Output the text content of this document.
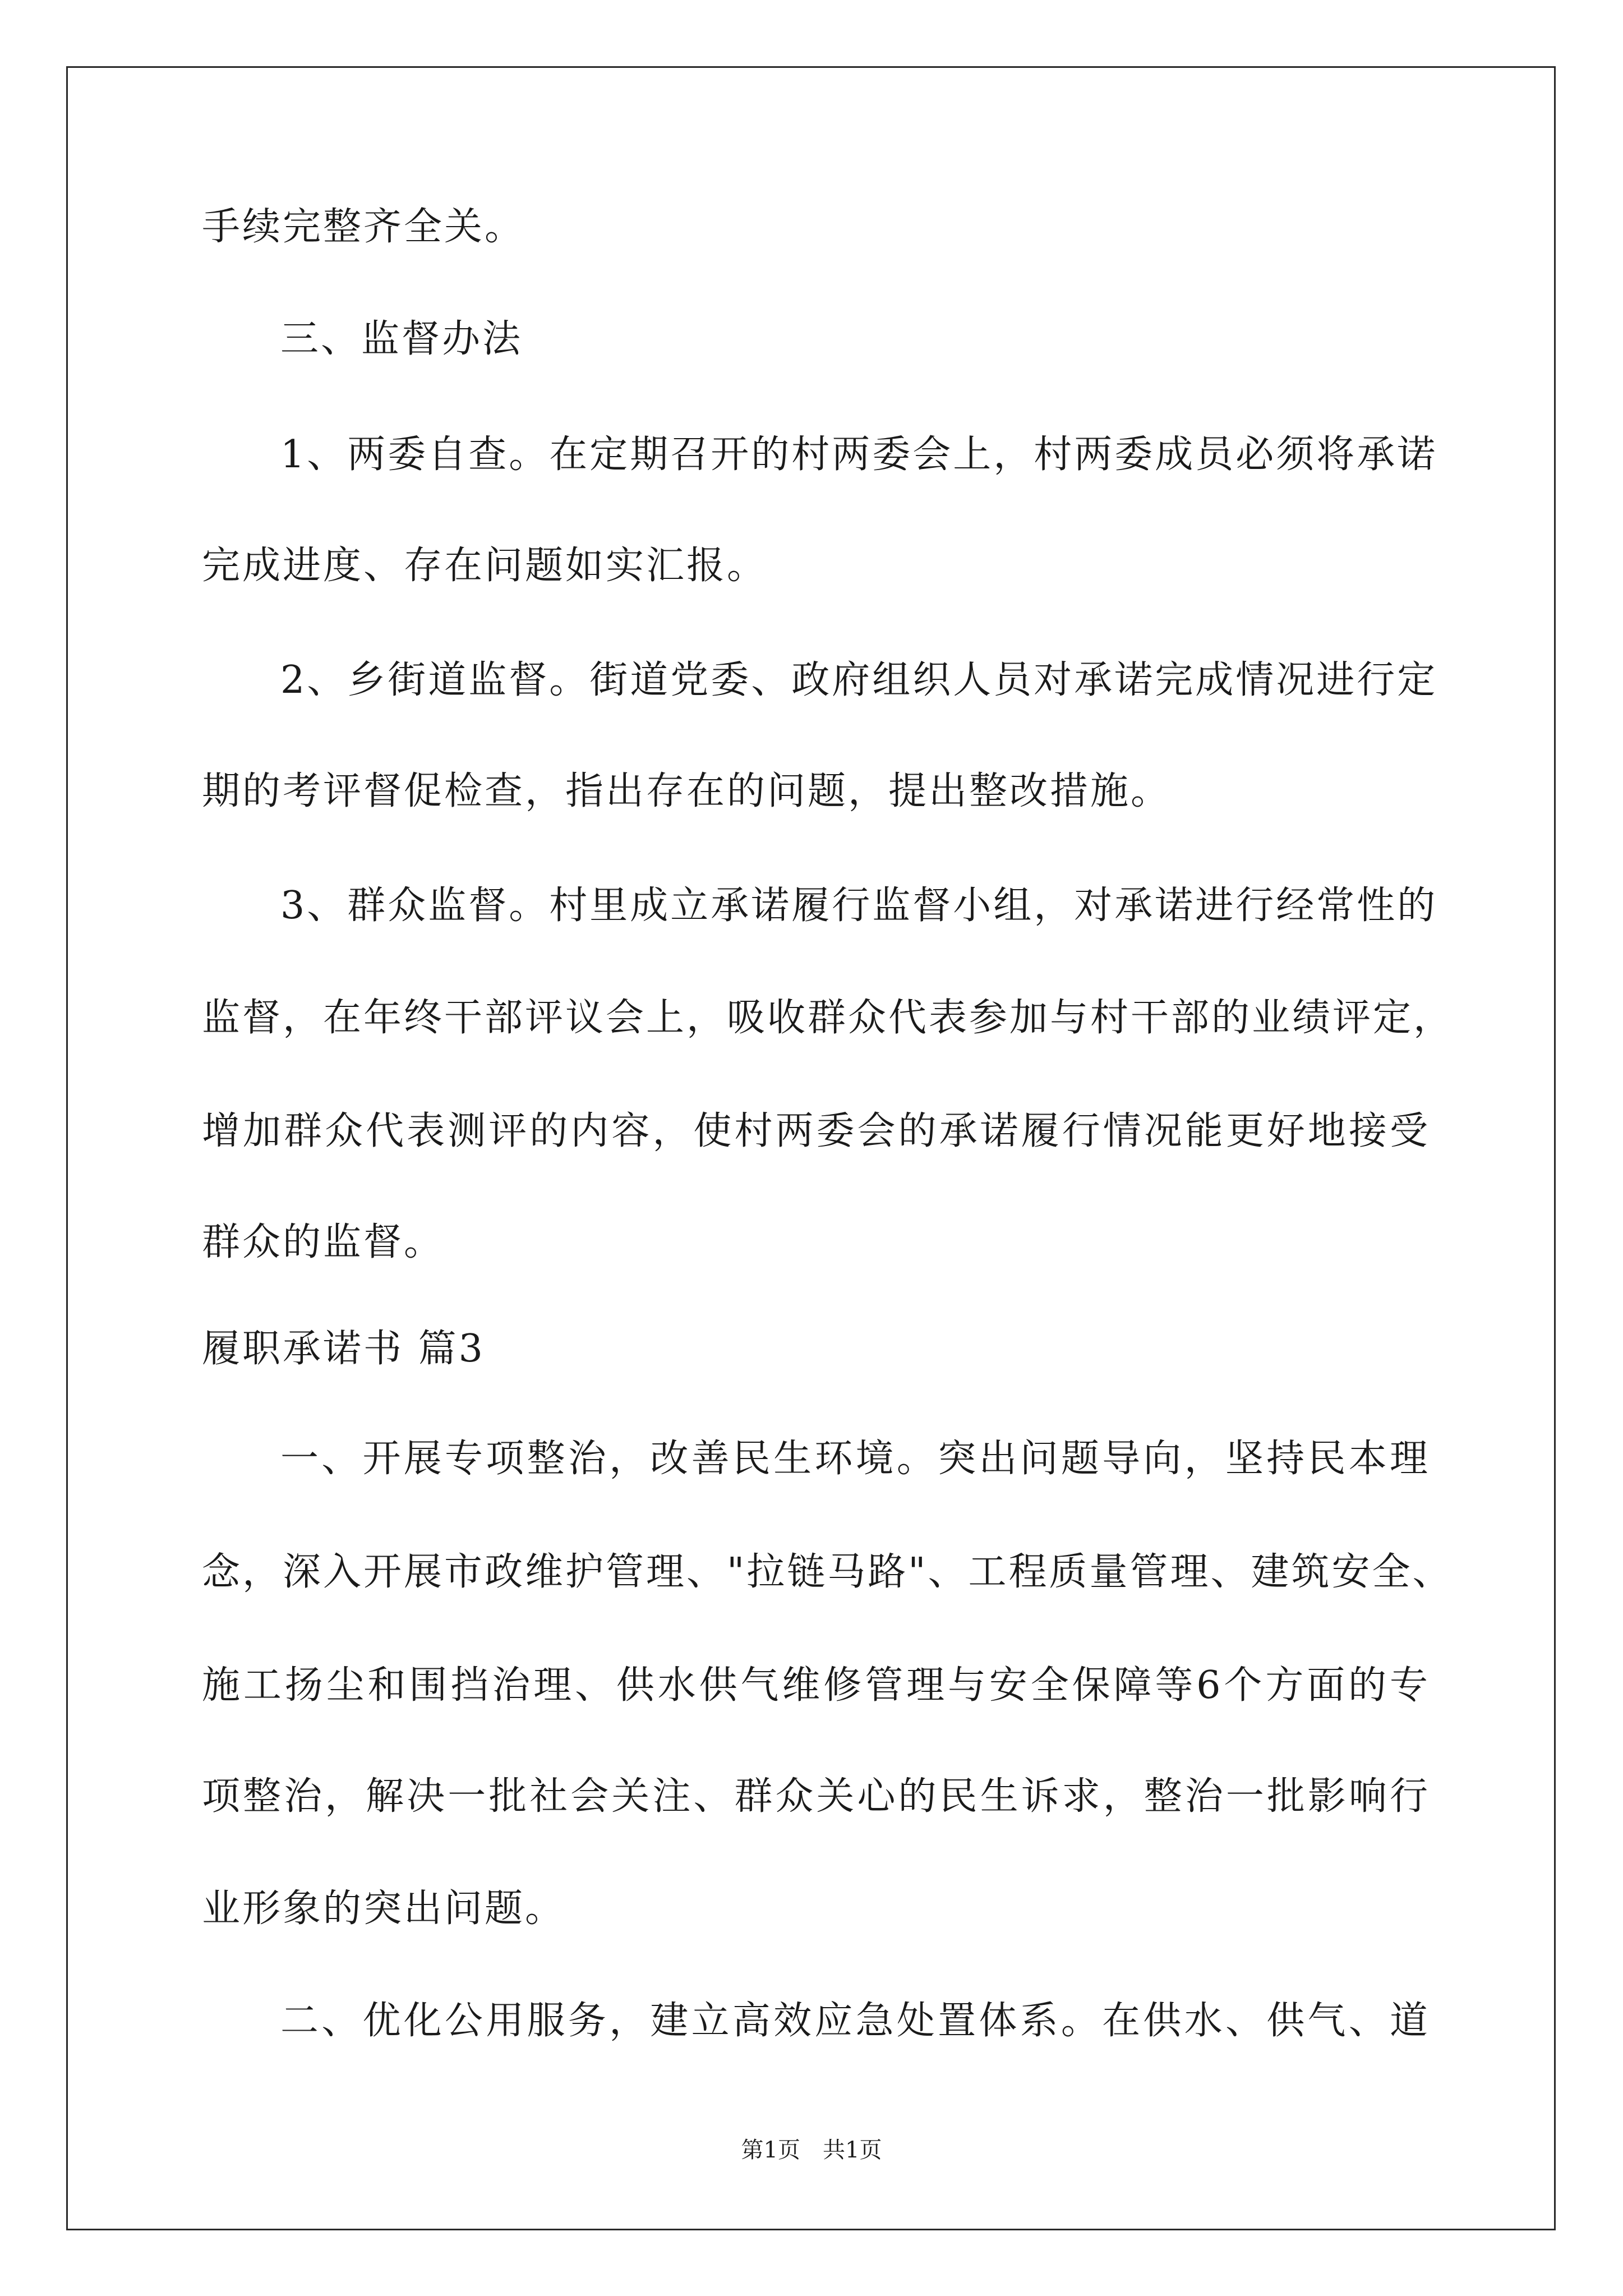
手续完整齐全关。
三、监督办法
1、两委自查。在定期召开的村两委会上，村两委成员必须将承诺
完成进度、存在问题如实汇报。
2、乡街道监督。街道党委、政府组织人员对承诺完成情况进行定
期的考评督促检查，指出存在的问题，提出整改措施。
3、群众监督。村里成立承诺履行监督小组，对承诺进行经常性的
监督，在年终干部评议会上，吸收群众代表参加与村干部的业绩评定，
增加群众代表测评的内容，使村两委会的承诺履行情况能更好地接受
群众的监督。
履职承诺书 篇3
一、开展专项整治，改善民生环境。突出问题导向，坚持民本理
念，深入开展市政维护管理、"拉链马路"、工程质量管理、建筑安全、
施工扬尘和围挡治理、供水供气维修管理与安全保障等6个方面的专
项整治，解决一批社会关注、群众关心的民生诉求，整治一批影响行
业形象的突出问题。
二、优化公用服务，建立高效应急处置体系。在供水、供气、道
第1页　共1页
